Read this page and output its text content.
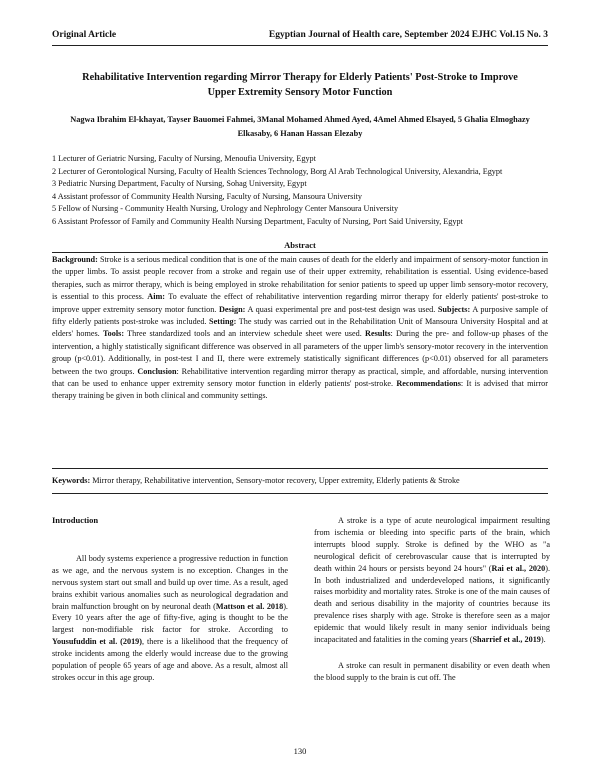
Original Article	Egyptian Journal of Health care, September 2024 EJHC Vol.15 No. 3
Rehabilitative Intervention regarding Mirror Therapy for Elderly Patients' Post-Stroke to Improve Upper Extremity Sensory Motor Function
Nagwa Ibrahim El-khayat, Tayser Bauomei Fahmei, 3Manal Mohamed Ahmed Ayed, 4Amel Ahmed Elsayed, 5 Ghalia Elmoghazy Elkasaby, 6 Hanan Hassan Elezaby

1 Lecturer of Geriatric Nursing, Faculty of Nursing, Menoufia University, Egypt

2 Lecturer of Gerontological Nursing, Faculty of Health Sciences Technology, Borg Al Arab Technological University, Alexandria, Egypt

3 Pediatric Nursing Department, Faculty of Nursing, Sohag University, Egypt

4 Assistant professor of Community Health Nursing, Faculty of Nursing, Mansoura University

5 Fellow of Nursing - Community Health Nursing, Urology and Nephrology Center Mansoura University

6 Assistant Professor of Family and Community Health Nursing Department, Faculty of Nursing, Port Said University, Egypt

Abstract

Background: Stroke is a serious medical condition that is one of the main causes of death for the elderly and impairment of sensory-motor function in the upper limbs. To assist people recover from a stroke and regain use of their upper extremity, rehabilitation is essential. Using evidence-based therapies, such as mirror therapy, which is being employed in stroke rehabilitation for senior patients to speed up upper limb sensory-motor recovery, is essential to this process. Aim: To evaluate the effect of rehabilitative intervention regarding mirror therapy for elderly patients' post-stroke to improve upper extremity sensory motor function. Design: A quasi experimental pre and post-test design was used. Subjects: A purposive sample of fifty elderly patients post-stroke was included. Setting: The study was carried out in the Rehabilitation Unit of Mansoura University Hospital and at elders' homes. Tools: Three standardized tools and an interview schedule sheet were used. Results: During the pre- and follow-up phases of the intervention, a highly statistically significant difference was observed in all parameters of the upper limb's sensory-motor recovery in the intervention group (p<0.01). Additionally, in post-test I and II, there were extremely statistically significant differences (p<0.01) observed for all parameters between the two groups. Conclusion: Rehabilitative intervention regarding mirror therapy as practical, simple, and affordable, nursing intervention that can be used to enhance upper extremity sensory motor function in elderly patients' post-stroke. Recommendations: It is advised that mirror therapy training be given in both clinical and community settings.

Keywords: Mirror therapy, Rehabilitative intervention, Sensory-motor recovery, Upper extremity, Elderly patients & Stroke
Introduction

All body systems experience a progressive reduction in function as we age, and the nervous system is no exception. Changes in the nervous system start out small and build up over time. As a result, aged brains exhibit various anomalies such as neurological degradation and brain malfunction brought on by neuronal death (Mattson et al. 2018). Every 10 years after the age of fifty-five, aging is thought to be the largest non-modifiable risk factor for stroke. According to Yousufuddin et al. (2019), there is a likelihood that the frequency of stroke incidents among the elderly would increase due to the growing population of people 65 years of age and above. As a result, almost all strokes occur in this age group.

A stroke is a type of acute neurological impairment resulting from ischemia or bleeding into specific parts of the brain, which interrupts blood supply. Stroke is defined by the WHO as "a neurological deficit of cerebrovascular cause that is interrupted by death within 24 hours or persists beyond 24 hours" (Rai et al., 2020). In both industrialized and underdeveloped nations, it significantly raises morbidity and mortality rates. Stroke is one of the main causes of death and serious disability in the majority of countries because its prevalence rises sharply with age. Stroke is therefore seen as a major epidemic that would likely result in many senior individuals being incapacitated and fatalities in the coming years (Sharrief et al., 2019).

A stroke can result in permanent disability or even death when the blood supply to the brain is cut off. The

130
